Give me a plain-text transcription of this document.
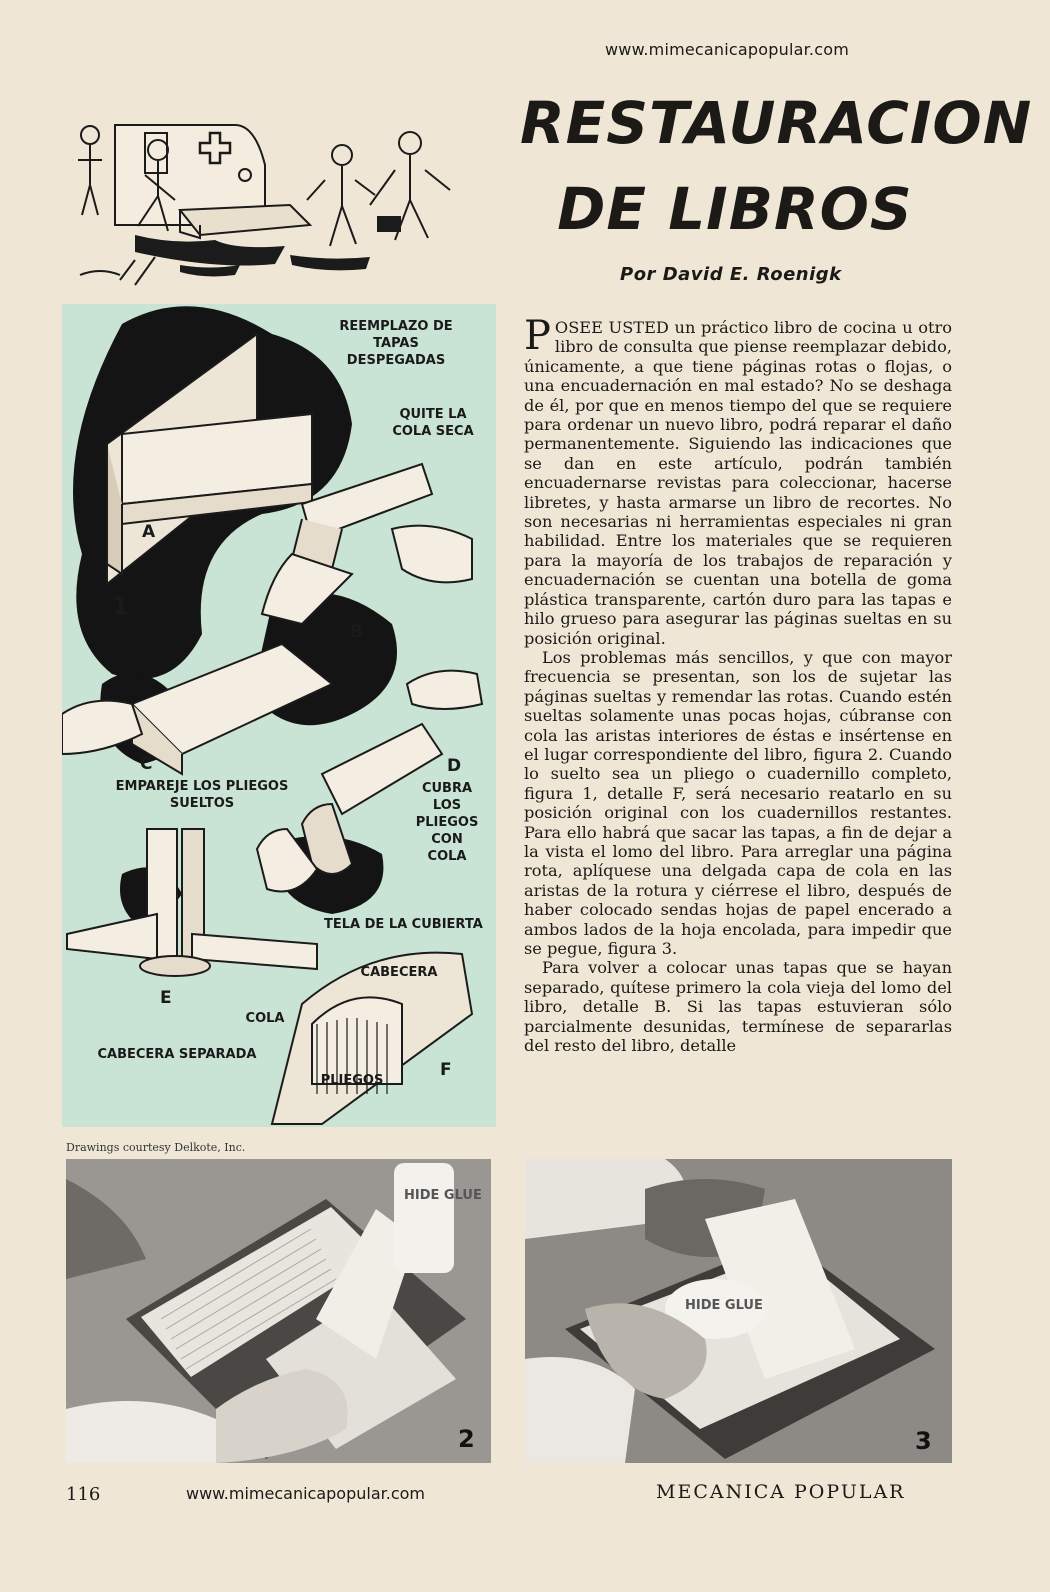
www.mimecanicapopular.com
RESTAURACION
DE LIBROS
Por David E. Roenigk
REEMPLAZO DE TAPAS DESPEGADAS
QUITE LA COLA SECA
A
1
B
C	D
EMPAREJE LOS PLIEGOS SUELTOS
CUBRA LOS PLIEGOS CON COLA
TELA DE LA CUBIERTA
CABECERA
E
COLA
CABECERA SEPARADA
F
PLIEGOS
Drawings courtesy Delkote, Inc.

POSEE USTED un práctico libro de cocina u otro libro de consulta que piense reemplazar debido, únicamente, a que tiene páginas rotas o flojas, o una encuadernación en mal estado? No se deshaga de él, por que en menos tiempo del que se requiere para ordenar un nuevo libro, podrá reparar el daño permanentemente. Siguiendo las indicaciones que se dan en este artículo, podrán también encuadernarse revistas para coleccionar, hacerse libretes, y hasta armarse un libro de recortes. No son necesarias ni herramientas especiales ni gran habilidad. Entre los materiales que se requieren para la mayoría de los trabajos de reparación y encuadernación se cuentan una botella de goma plástica transparente, cartón duro para las tapas e hilo grueso para asegurar las páginas sueltas en su posición original.

Los problemas más sencillos, y que con mayor frecuencia se presentan, son los de sujetar las páginas sueltas y remendar las rotas. Cuando estén sueltas solamente unas pocas hojas, cúbranse con cola las aristas interiores de éstas e insértense en el lugar correspondiente del libro, figura 2. Cuando lo suelto sea un pliego o cuadernillo completo, figura 1, detalle F, será necesario reatarlo en su posición original con los cuadernillos restantes. Para ello habrá que sacar las tapas, a fin de dejar a la vista el lomo del libro. Para arreglar una página rota, aplíquese una delgada capa de cola en las aristas de la rotura y ciérrese el libro, después de haber colocado sendas hojas de papel encerado a ambos lados de la hoja encolada, para impedir que se pegue, figura 3.

Para volver a colocar unas tapas que se hayan separado, quítese primero la cola vieja del lomo del libro, detalle B. Si las tapas estuvieran sólo parcialmente desunidas, termínese de separarlas del resto del libro, detalle

HIDE GLUE
2
HIDE GLUE
3
116	www.mimecanicapopular.com	MECANICA POPULAR
